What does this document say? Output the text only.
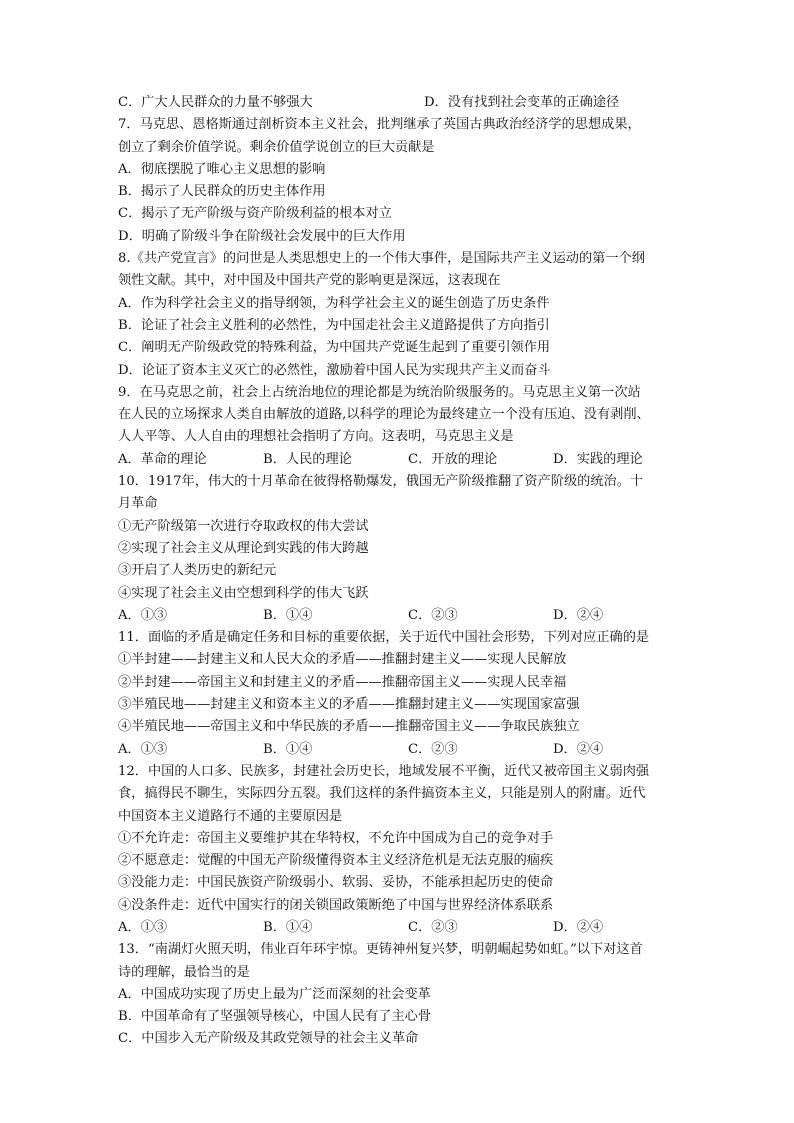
C．广大人民群众的力量不够强大	D．没有找到社会变革的正确途径
7．马克思、恩格斯通过剖析资本主义社会，批判继承了英国古典政治经济学的思想成果，
创立了剩余价值学说。剩余价值学说创立的巨大贡献是
A．彻底摆脱了唯心主义思想的影响
B．揭示了人民群众的历史主体作用
C．揭示了无产阶级与资产阶级利益的根本对立
D．明确了阶级斗争在阶级社会发展中的巨大作用
8.《共产党宣言》的问世是人类思想史上的一个伟大事件，是国际共产主义运动的第一个纲
领性文献。其中，对中国及中国共产党的影响更是深远，这表现在
A．作为科学社会主义的指导纲领，为科学社会主义的诞生创造了历史条件
B．论证了社会主义胜利的必然性，为中国走社会主义道路提供了方向指引
C．阐明无产阶级政党的特殊利益，为中国共产党诞生起到了重要引领作用
D．论证了资本主义灭亡的必然性，激励着中国人民为实现共产主义而奋斗
9．在马克思之前，社会上占统治地位的理论都是为统治阶级服务的。马克思主义第一次站
在人民的立场探求人类自由解放的道路,以科学的理论为最终建立一个没有压迫、没有剥削、
人人平等、人人自由的理想社会指明了方向。这表明，马克思主义是
A．革命的理论	B．人民的理论	C．开放的理论	D．实践的理论
10．1917年，伟大的十月革命在彼得格勒爆发，俄国无产阶级推翻了资产阶级的统治。十
月革命
①无产阶级第一次进行夺取政权的伟大尝试
②实现了社会主义从理论到实践的伟大跨越
③开启了人类历史的新纪元
④实现了社会主义由空想到科学的伟大飞跃
A．①③	B．①④	C．②③	D．②④
11．面临的矛盾是确定任务和目标的重要依据，关于近代中国社会形势，下列对应正确的是
①半封建——封建主义和人民大众的矛盾——推翻封建主义——实现人民解放
②半封建——帝国主义和封建主义的矛盾——推翻帝国主义——实现人民幸福
③半殖民地——封建主义和资本主义的矛盾——推翻封建主义——实现国家富强
④半殖民地——帝国主义和中华民族的矛盾——推翻帝国主义——争取民族独立
A．①③	B．①④	C．②③	D．②④
12．中国的人口多、民族多，封建社会历史长，地域发展不平衡，近代又被帝国主义弱肉强
食，搞得民不聊生，实际四分五裂。我们这样的条件搞资本主义，只能是别人的附庸。近代
中国资本主义道路行不通的主要原因是
①不允许走：帝国主义要维护其在华特权，不允许中国成为自己的竞争对手
②不愿意走：觉醒的中国无产阶级懂得资本主义经济危机是无法克服的痼疾
③没能力走：中国民族资产阶级弱小、软弱、妥协，不能承担起历史的使命
④没条件走：近代中国实行的闭关锁国政策断绝了中国与世界经济体系联系
A．①③	B．①④	C．②③	D．②④
13．“南湖灯火照天明，伟业百年环宇惊。更铸神州复兴梦，明朝崛起势如虹。”以下对这首
诗的理解，最恰当的是
A．中国成功实现了历史上最为广泛而深刻的社会变革
B．中国革命有了坚强领导核心，中国人民有了主心骨
C．中国步入无产阶级及其政党领导的社会主义革命
